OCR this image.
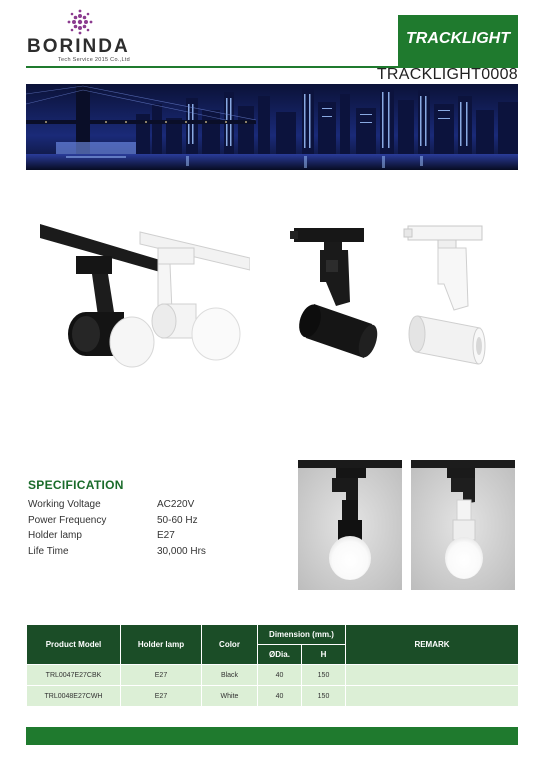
BORINDA
Tech Service 2015 Co.,Ltd
TRACKLIGHT
TRACKLIGHT0008
SPECIFICATION
Working Voltage	AC220V
Power Frequency	50-60 Hz
Holder lamp	E27
Life Time	30,000 Hrs
Product Model	Holder lamp	Color	Dimension (mm.)		REMARK
			ØDia.	H	
TRL0047E27CBK	E27	Black	40	150	
TRL0048E27CWH	E27	White	40	150	
